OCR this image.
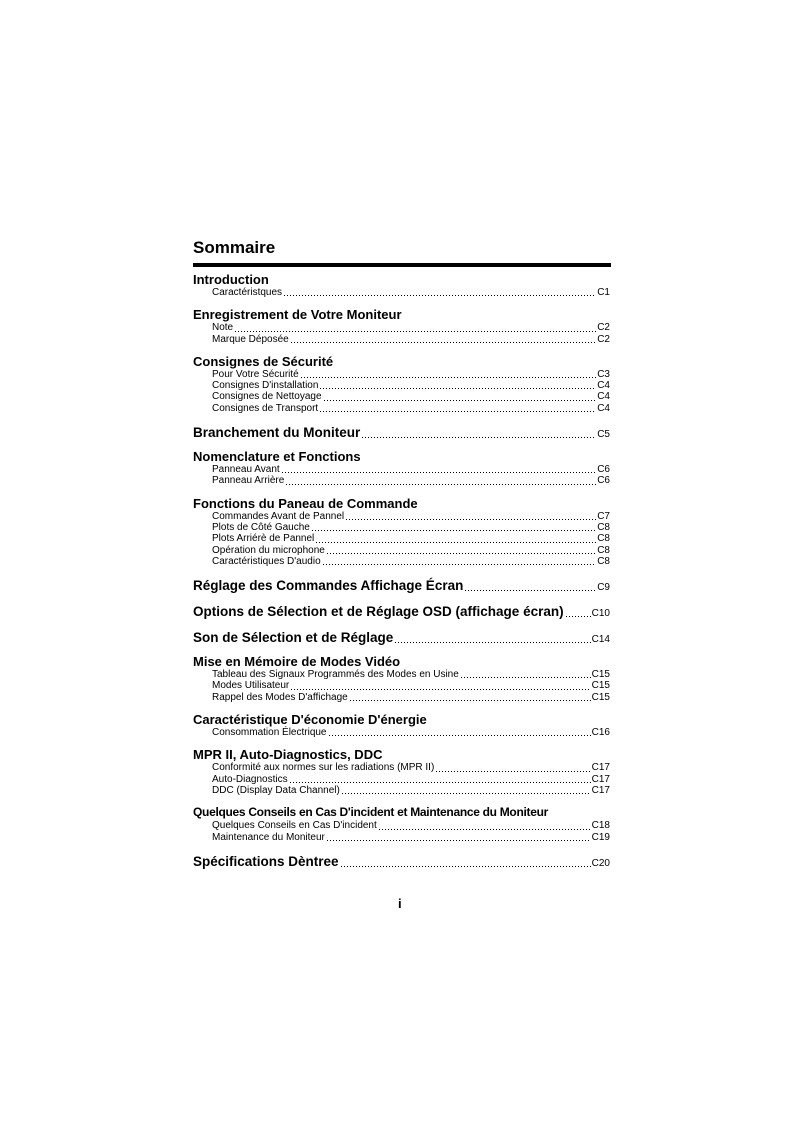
Sommaire
Introduction
Caractéristques	C1
Enregistrement de Votre Moniteur
Note	C2
Marque Déposée	C2
Consignes de Sécurité
Pour Votre Sécurité	C3
Consignes D'installation	C4
Consignes de Nettoyage	C4
Consignes de Transport	C4
Branchement du Moniteur	C5
Nomenclature et Fonctions
Panneau Avant	C6
Panneau Arrière	C6
Fonctions du Paneau de Commande
Commandes Avant de Pannel	C7
Plots de Côté Gauche	C8
Plots Arriérè de Pannel	C8
Opération du microphone	C8
Caractéristiques D'audio	C8
Réglage des Commandes Affichage Écran	C9
Options de Sélection et de Réglage OSD (affichage écran)	C10
Son de Sélection et de Réglage	C14
Mise en Mémoire de Modes Vidéo
Tableau des Signaux Programmés des Modes en Usine	C15
Modes Utilisateur	C15
Rappel des Modes D'affichage	C15
Caractéristique D'économie D'énergie
Consommation Électrique	C16
MPR II, Auto-Diagnostics, DDC
Conformité aux normes sur les radiations (MPR II)	C17
Auto-Diagnostics	C17
DDC (Display Data Channel)	C17
Quelques Conseils en Cas D'incident et Maintenance du Moniteur
Quelques Conseils en Cas D'incident	C18
Maintenance du Moniteur	C19
Spécifications Dèntree	C20
i
